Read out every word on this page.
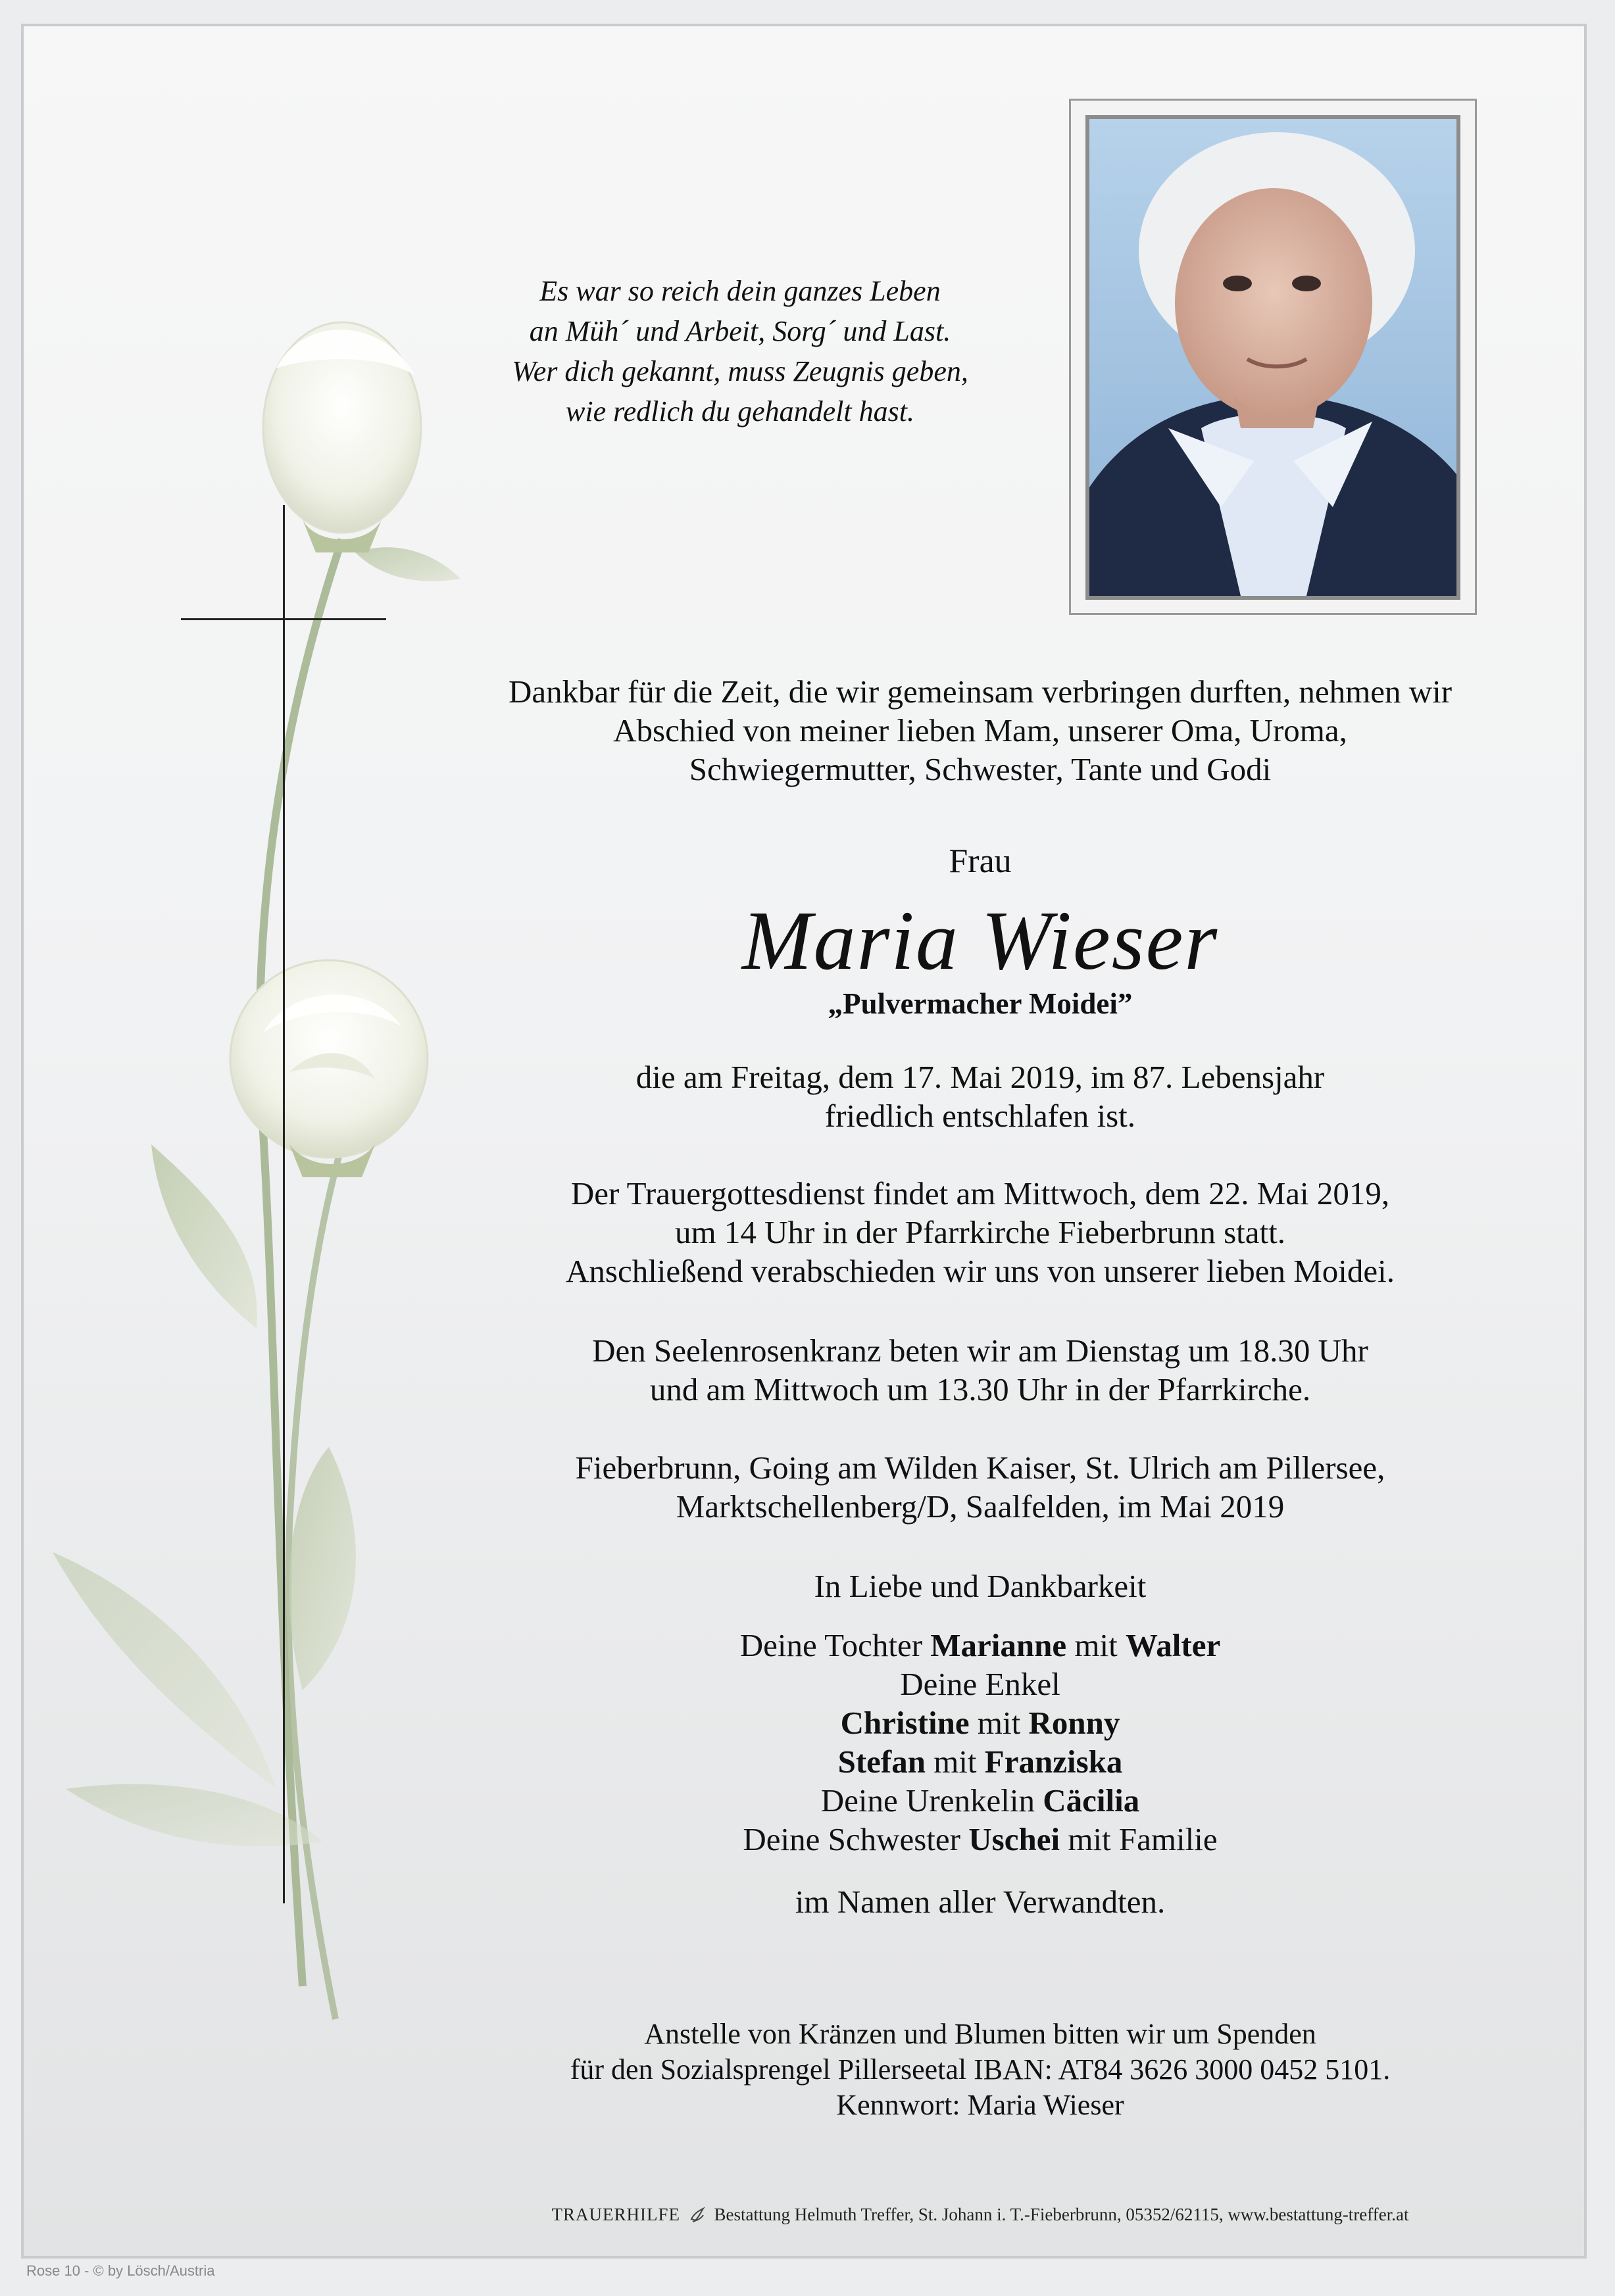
Es war so reich dein ganzes Leben
an Müh´ und Arbeit, Sorg´ und Last.
Wer dich gekannt, muss Zeugnis geben,
wie redlich du gehandelt hast.
Dankbar für die Zeit, die wir gemeinsam verbringen durften, nehmen wir
Abschied von meiner lieben Mam, unserer Oma, Uroma,
Schwiegermutter, Schwester, Tante und Godi
Frau
Maria Wieser
„Pulvermacher Moidei”
die am Freitag, dem 17. Mai 2019, im 87. Lebensjahr
friedlich entschlafen ist.
Der Trauergottesdienst findet am Mittwoch, dem 22. Mai 2019,
um 14 Uhr in der Pfarrkirche Fieberbrunn statt.
Anschließend verabschieden wir uns von unserer lieben Moidei.
Den Seelenrosenkranz beten wir am Dienstag um 18.30 Uhr
und am Mittwoch um 13.30 Uhr in der Pfarrkirche.
Fieberbrunn, Going am Wilden Kaiser, St. Ulrich am Pillersee,
Marktschellenberg/D, Saalfelden, im Mai 2019
In Liebe und Dankbarkeit
Deine Tochter Marianne mit Walter
Deine Enkel
Christine mit Ronny
Stefan mit Franziska
Deine Urenkelin Cäcilia
Deine Schwester Uschei mit Familie
im Namen aller Verwandten.
Anstelle von Kränzen und Blumen bitten wir um Spenden
für den Sozialsprengel Pillerseetal IBAN: AT84 3626 3000 0452 5101.
Kennwort: Maria Wieser
TRAUERHILFE Bestattung Helmuth Treffer, St. Johann i. T.-Fieberbrunn, 05352/62115, www.bestattung-treffer.at
Rose 10 - © by Lösch/Austria
